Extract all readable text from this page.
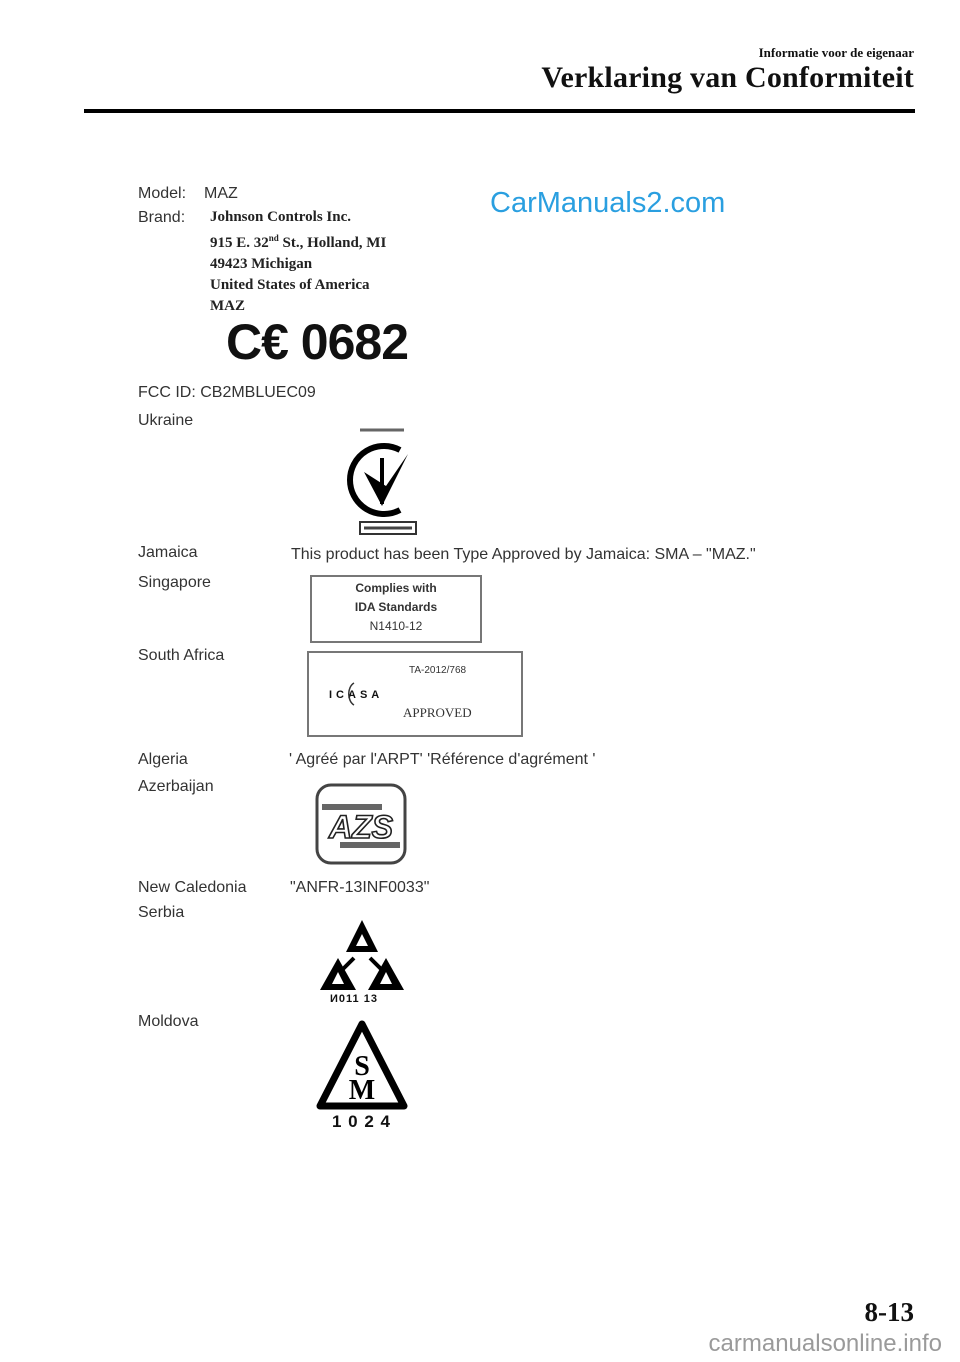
Informatie voor de eigenaar
Verklaring van Conformiteit
CarManuals2.com
Model: MAZ
Brand: Johnson Controls Inc.
915 E. 32nd St., Holland, MI
49423 Michigan
United States of America
MAZ
C€ 0682
FCC ID: CB2MBLUEC09
Ukraine
Jamaica	This product has been Type Approved by Jamaica: SMA – "MAZ."
Singapore	Complies with
IDA Standards
N1410-12
South Africa
TA-2012/768
ICASA
APPROVED
Algeria	' Agréé par l'ARPT' 'Référence d'agrément '
Azerbaijan
AZS
New Caledonia	"ANFR-13INF0033"
Serbia
И011 13
Moldova
S
M
1 0 2 4
8-13
carmanualsonline.info
